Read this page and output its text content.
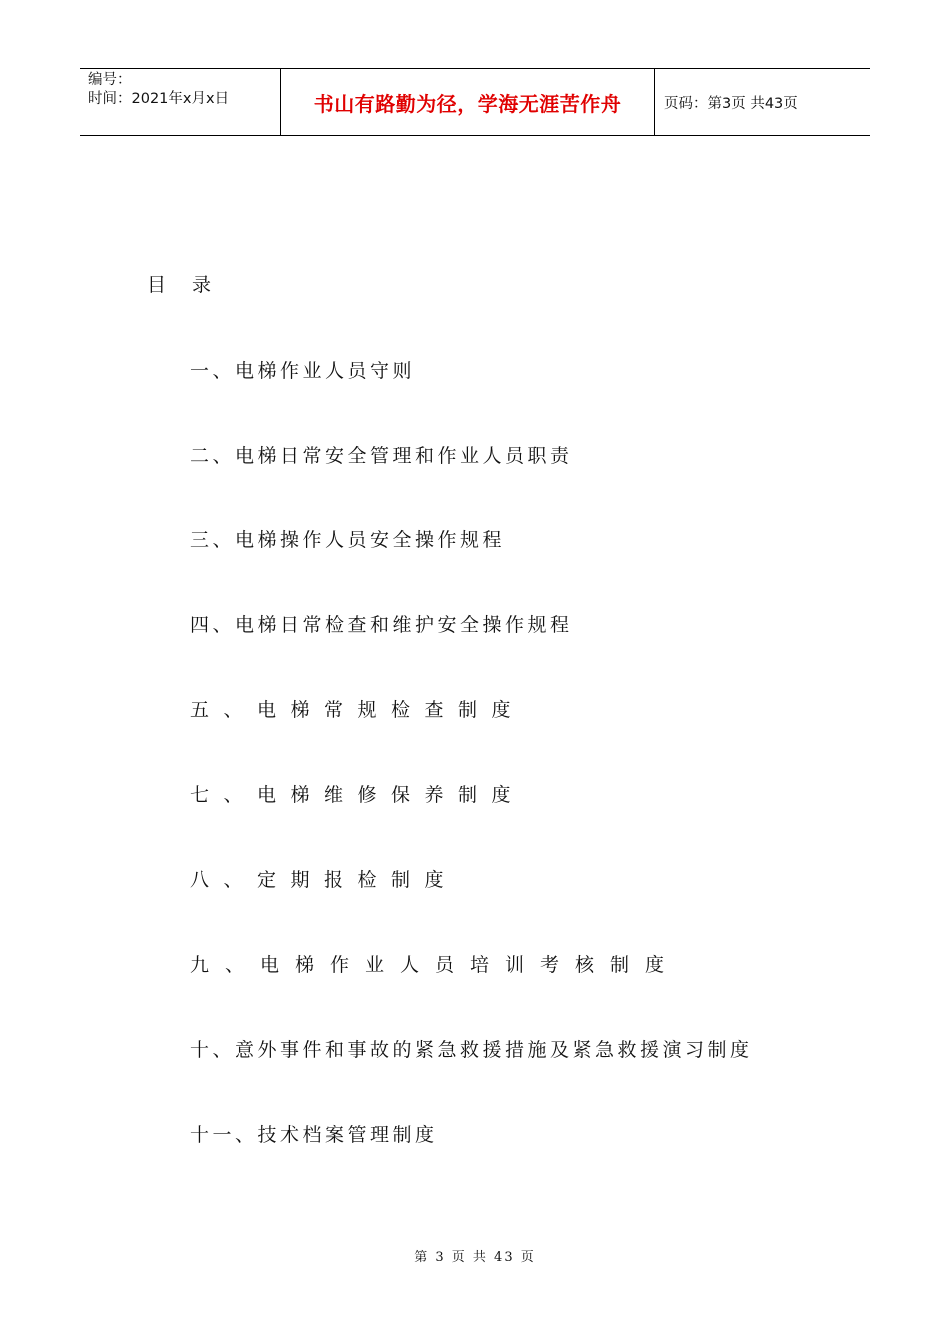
编号：
时间：2021年x月x日	书山有路勤为径，学海无涯苦作舟	页码：第3页 共43页
目 录
一、电梯作业人员守则
二、电梯日常安全管理和作业人员职责
三、电梯操作人员安全操作规程
四、电梯日常检查和维护安全操作规程
五、电梯常规检查制度
七、电梯维修保养制度
八、定期报检制度
九、电梯作业人员培训考核制度
十、意外事件和事故的紧急救援措施及紧急救援演习制度
十一、技术档案管理制度
第 3 页 共 43 页
